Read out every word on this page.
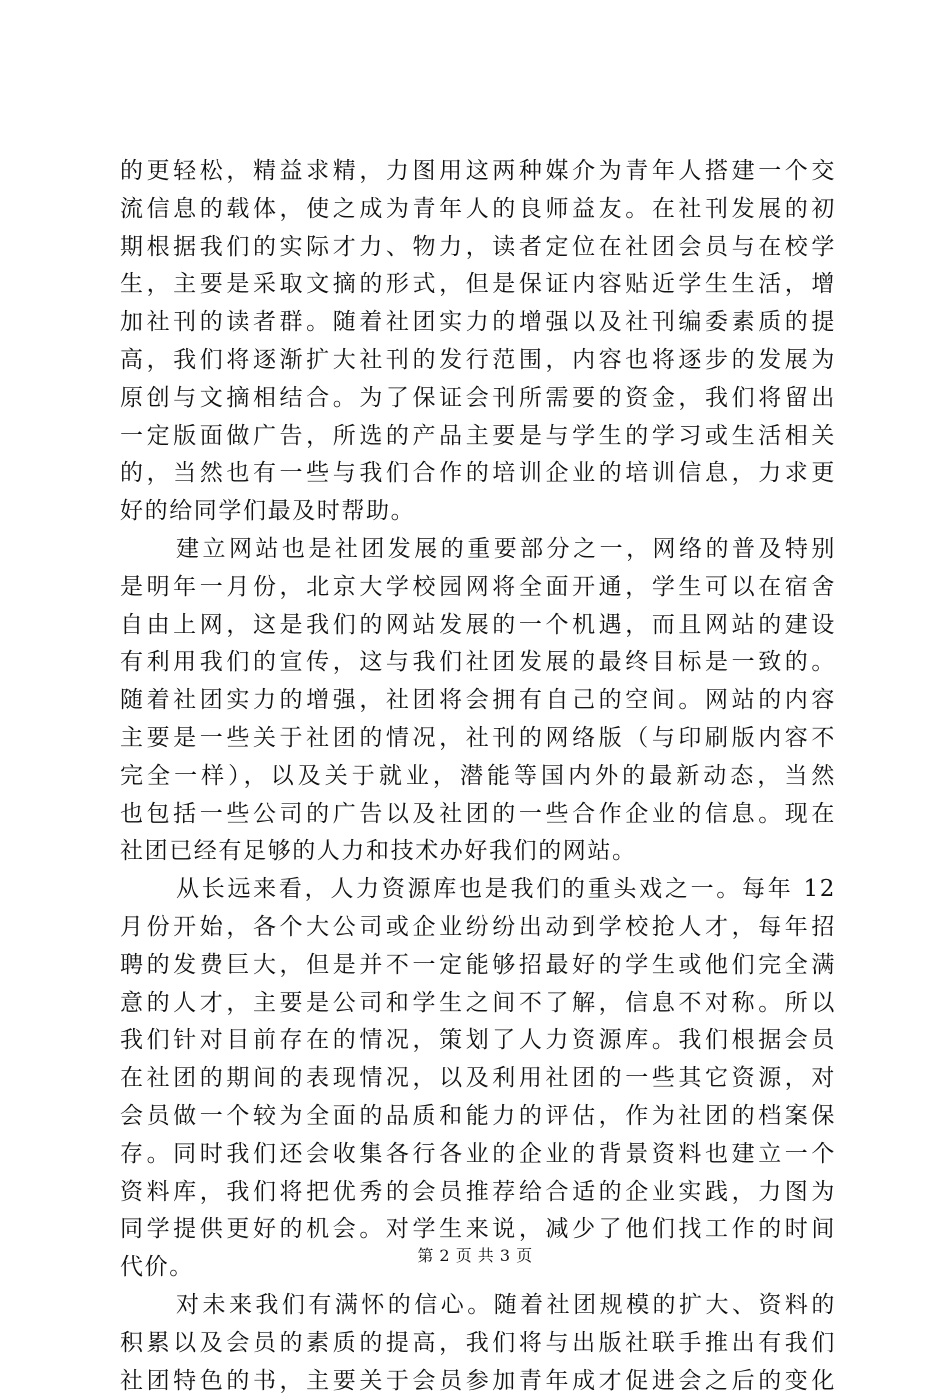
的更轻松，精益求精，力图用这两种媒介为青年人搭建一个交
流信息的载体，使之成为青年人的良师益友。在社刊发展的初
期根据我们的实际才力、物力，读者定位在社团会员与在校学
生，主要是采取文摘的形式，但是保证内容贴近学生生活，增
加社刊的读者群。随着社团实力的增强以及社刊编委素质的提
高，我们将逐渐扩大社刊的发行范围，内容也将逐步的发展为
原创与文摘相结合。为了保证会刊所需要的资金，我们将留出
一定版面做广告，所选的产品主要是与学生的学习或生活相关
的，当然也有一些与我们合作的培训企业的培训信息，力求更
好的给同学们最及时帮助。
建立网站也是社团发展的重要部分之一，网络的普及特别
是明年一月份，北京大学校园网将全面开通，学生可以在宿舍
自由上网，这是我们的网站发展的一个机遇，而且网站的建设
有利用我们的宣传，这与我们社团发展的最终目标是一致的。
随着社团实力的增强，社团将会拥有自己的空间。网站的内容
主要是一些关于社团的情况，社刊的网络版（与印刷版内容不
完全一样），以及关于就业，潜能等国内外的最新动态，当然
也包括一些公司的广告以及社团的一些合作企业的信息。现在
社团已经有足够的人力和技术办好我们的网站。
从长远来看，人力资源库也是我们的重头戏之一。每年 12
月份开始，各个大公司或企业纷纷出动到学校抢人才，每年招
聘的发费巨大，但是并不一定能够招最好的学生或他们完全满
意的人才，主要是公司和学生之间不了解，信息不对称。所以
我们针对目前存在的情况，策划了人力资源库。我们根据会员
在社团的期间的表现情况，以及利用社团的一些其它资源，对
会员做一个较为全面的品质和能力的评估，作为社团的档案保
存。同时我们还会收集各行各业的企业的背景资料也建立一个
资料库，我们将把优秀的会员推荐给合适的企业实践，力图为
同学提供更好的机会。对学生来说，减少了他们找工作的时间
代价。
对未来我们有满怀的信心。随着社团规模的扩大、资料的
积累以及会员的素质的提高，我们将与出版社联手推出有我们
社团特色的书，主要关于会员参加青年成才促进会之后的变化
第 2 页 共 3 页
